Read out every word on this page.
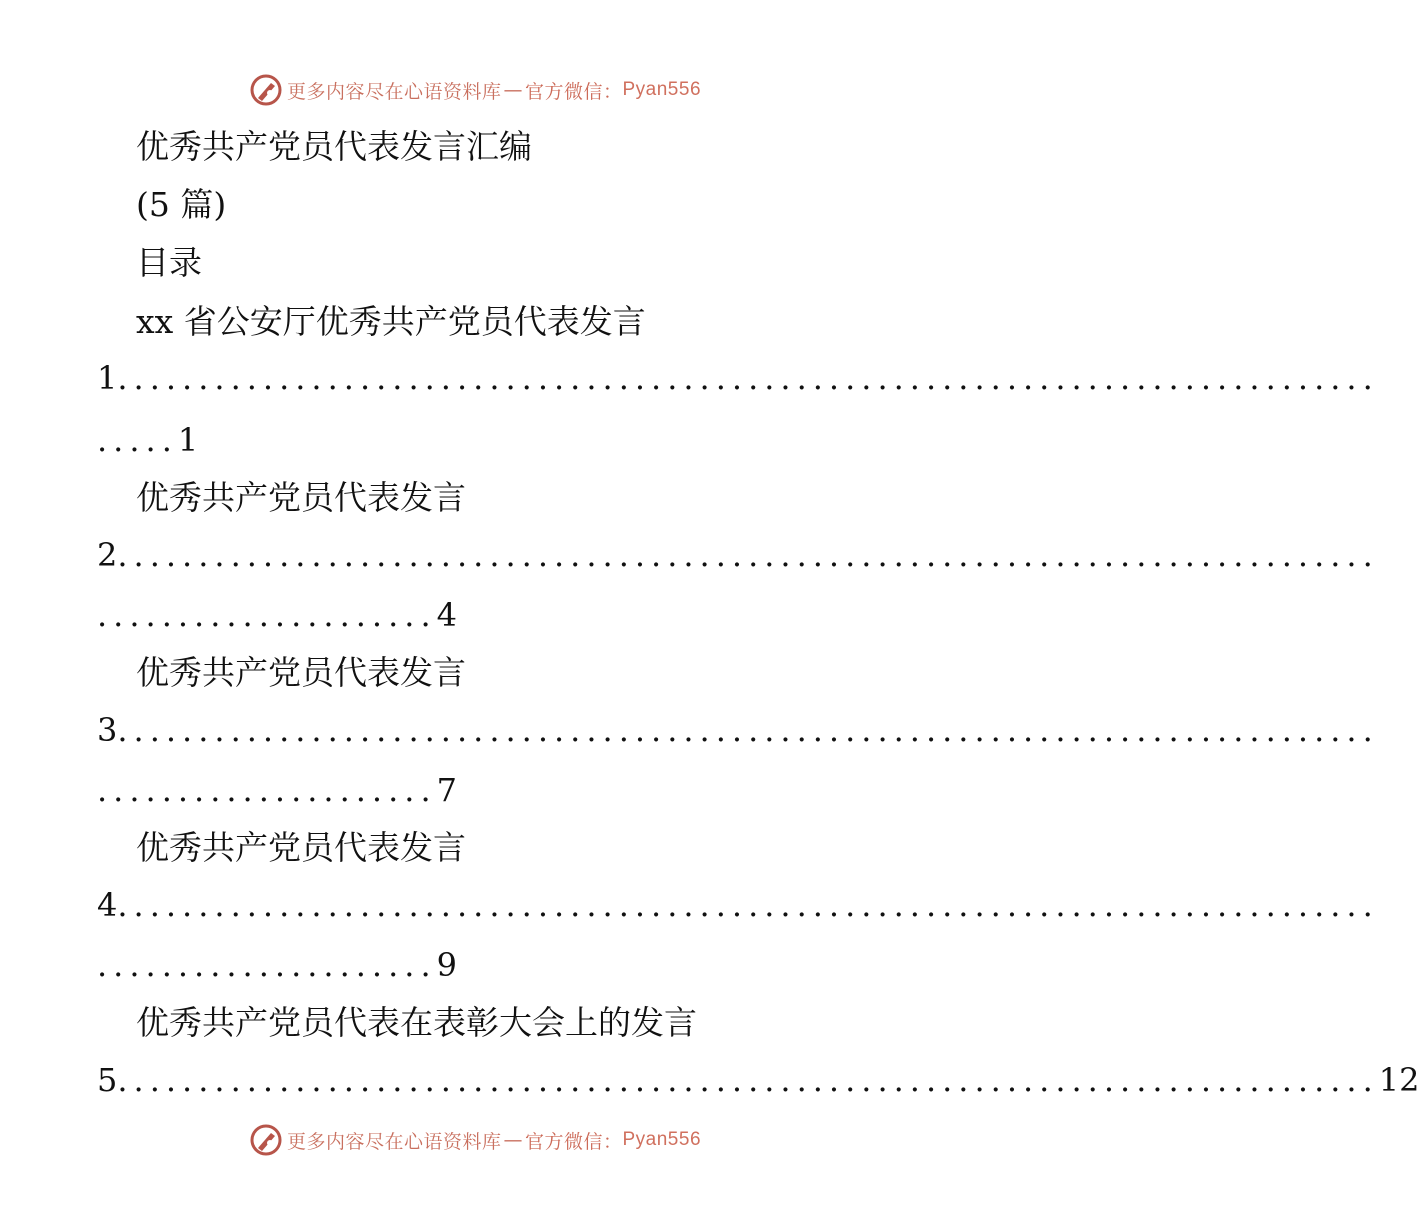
更多内容尽在心语资料库 — 官方微信： Pyan556
优秀共产党员代表发言汇编
(5 篇)
目录
xx 省公安厅优秀共产党员代表发言
1 ..............................................................................
.....1
优秀共产党员代表发言
2 ..............................................................................
.....................4
优秀共产党员代表发言
3 ..............................................................................
.....................7
优秀共产党员代表发言
4 ..............................................................................
.....................9
优秀共产党员代表在表彰大会上的发言
5 .............................................................................. 12
更多内容尽在心语资料库 — 官方微信： Pyan556
